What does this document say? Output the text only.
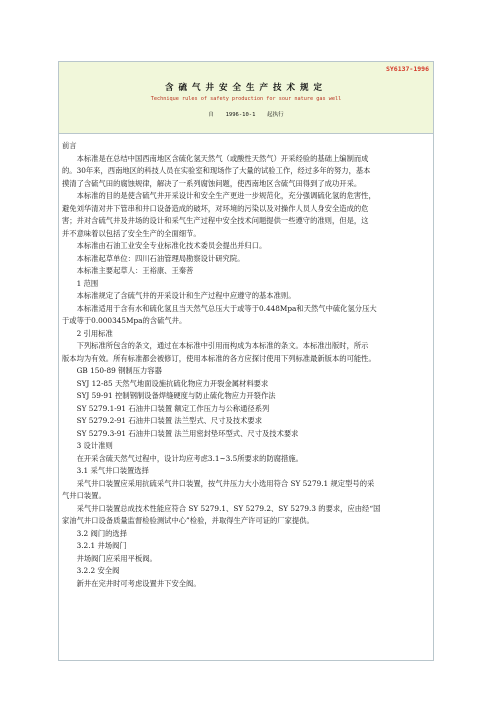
SY6137-1996
含硫气井安全生产技术规定
Technique rules of safety production for sour nature gas well
自 1996-10-1 起执行

前言

本标准是在总结中国西南地区含硫化氢天然气（或酸性天然气）开采经验的基础上编制而成

的。30年来，西南地区的科技人员在实验室和现场作了大量的试验工作，经过多年的努力，基本

摸清了含硫气田的腐蚀规律，解决了一系列腐蚀问题，使西南地区含硫气田得到了成功开采。

本标准的目的是使含硫气井开采设计和安全生产更进一步规范化，充分强调硫化氢的危害性，

避免刘华清对井下管串和井口设备造成的破坏，对环境的污染以及对操作人员人身安全造成的危

害；并对含硫气井及井场的设计和采气生产过程中安全技术问题提供一些遵守的准则，但是，这

并不意味着以包括了安全生产的全面细节。

本标准由石油工业安全专业标准化技术委员会提出并归口。

本标准起草单位：四川石油管理局勘察设计研究院。

本标准主要起草人：王裕康、王秦菩

1 范围

本标准规定了含硫气井的开采设计和生产过程中应遵守的基本准则。

本标准适用于含有水和硫化氢且当天然气总压大于或等于0.448Mpa和天然气中硫化氢分压大

于或等于0.000345Mpa的含硫气井。

2 引用标准

下列标准所包含的条文，通过在本标准中引用而构成为本标准的条文。本标准出版时，所示

版本均为有效。所有标准都会被修订，使用本标准的各方应探讨使用下列标准最新版本的可能性。

GB 150-89 钢制压力容器

SYJ 12-85 天然气地面设施抗硫化物应力开裂金属材料要求

SYJ 59-91 控制钢制设备焊缝硬度与防止硫化物应力开裂作法

SY 5279.1-91 石油井口装置 额定工作压力与公称通径系列

SY 5279.2-91 石油井口装置 法兰型式、尺寸及技术要求

SY 5279.3-91 石油井口装置 法兰用密封垫环型式、尺寸及技术要求

3 设计准则

在开采含硫天然气过程中，设计均应考虑3.1~3.5所要求的防腐措施。

3.1 采气井口装置选择

采气井口装置应采用抗硫采气井口装置，按气井压力大小选用符合 SY 5279.1 规定型号的采

气井口装置。

采气井口装置总成技术性能应符合 SY 5279.1、SY 5279.2、SY 5279.3 的要求，应由经“国

家油气井口设备质量监督检验测试中心”检验，并取得生产许可证的厂家提供。

3.2 阀门的选择

3.2.1 井场阀门

井场阀门应采用平板阀。

3.2.2 安全阀

新井在完井时可考虑设置井下安全阀。
